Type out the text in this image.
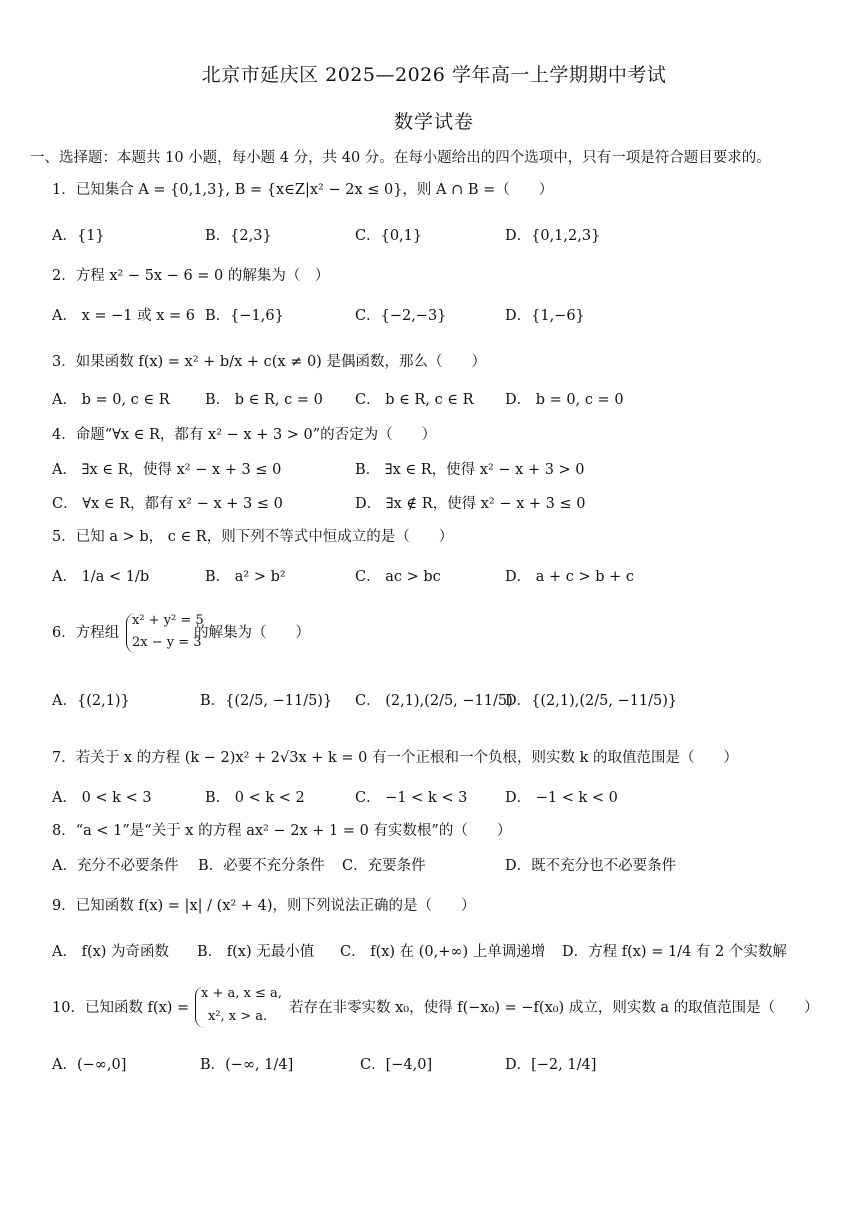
北京市延庆区 2025—2026 学年高一上学期期中考试
数学试卷
一、选择题：本题共 10 小题，每小题 4 分，共 40 分。在每小题给出的四个选项中，只有一项是符合题目要求的。
1．已知集合 A = {0,1,3}, B = {x∈Z|x² − 2x ≤ 0}，则 A ∩ B =（　　）
A．{1}	B．{2,3}	C．{0,1}	D．{0,1,2,3}
2．方程 x² − 5x − 6 = 0 的解集为（　）
A． x = −1 或 x = 6 B．{−1,6}	C．{−2,−3}	D．{1,−6}
3．如果函数 f(x) = x² + b/x + c(x ≠ 0) 是偶函数，那么（　　）
A． b = 0, c ∈ R B． b ∈ R, c = 0 C． b ∈ R, c ∈ R D． b = 0, c = 0
4．命题“∀x ∈ R，都有 x² − x + 3 > 0”的否定为（　　）
A． ∃x ∈ R，使得 x² − x + 3 ≤ 0	B． ∃x ∈ R，使得 x² − x + 3 > 0
C． ∀x ∈ R，都有 x² − x + 3 ≤ 0	D． ∃x ∉ R，使得 x² − x + 3 ≤ 0
5．已知 a > b， c ∈ R，则下列不等式中恒成立的是（　　）
A． 1/a < 1/b	B． a² > b²	C． ac > bc	D． a + c > b + c
6．方程组
x² + y² = 5
2x − y = 3
的解集为（　　）
A．{(2,1)}	B．{(2/5, −11/5)} C． (2,1),(2/5, −11/5)
D．{(2,1),(2/5, −11/5)}
7．若关于 x 的方程 (k − 2)x² + 2√3x + k = 0 有一个正根和一个负根，则实数 k 的取值范围是（　　）
A． 0 < k < 3	B． 0 < k < 2	C． −1 < k < 3	D． −1 < k < 0
8．“a < 1”是“关于 x 的方程 ax² − 2x + 1 = 0 有实数根”的（　　）
A．充分不必要条件 B．必要不充分条件 C．充要条件	D．既不充分也不必要条件
9．已知函数 f(x) = |x| / (x² + 4)，则下列说法正确的是（　　）
A． f(x) 为奇函数 B． f(x) 无最小值 C． f(x) 在 (0,+∞) 上单调递增 D．方程 f(x) = 1/4 有 2 个实数解
10．已知函数 f(x) =
x + a, x ≤ a,
x², x > a.
若存在非零实数 x₀，使得 f(−x₀) = −f(x₀) 成立，则实数 a 的取值范围是（　　）
A．(−∞,0]	B．(−∞, 1/4]	C．[−4,0]	D．[−2, 1/4]
